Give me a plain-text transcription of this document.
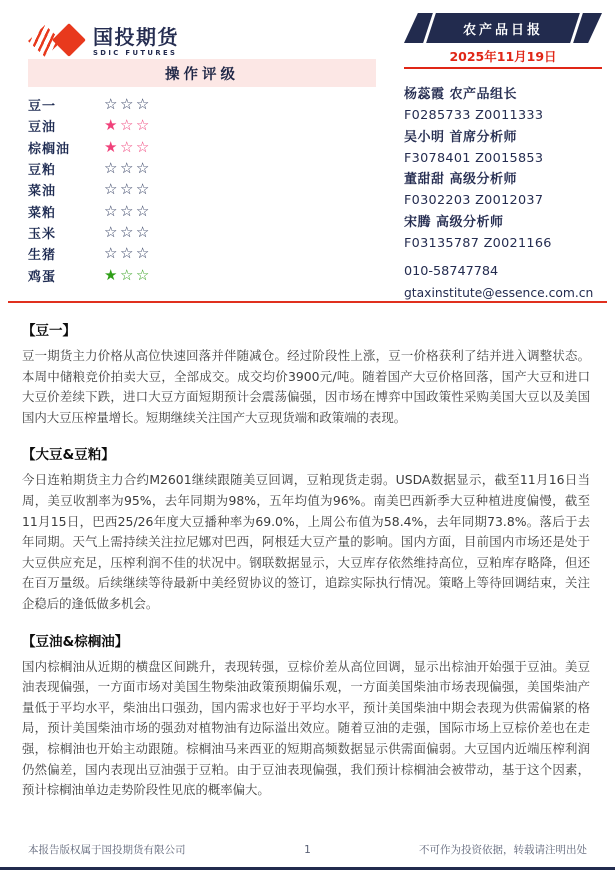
国投期货
SDIC FUTURES
农产品日报
2025年11月19日
操作评级
豆一	☆☆☆
豆油	★☆☆
棕榈油	★☆☆
豆粕	☆☆☆
菜油	☆☆☆
菜粕	☆☆☆
玉米	☆☆☆
生猪	☆☆☆
鸡蛋	★☆☆
杨蕊霞 农产品组长
F0285733 Z0011333
吴小明 首席分析师
F3078401 Z0015853
董甜甜 高级分析师
F0302203 Z0012037
宋腾 高级分析师
F03135787 Z0021166
010-58747784
gtaxinstitute@essence.com.cn
【豆一】
豆一期货主力价格从高位快速回落并伴随减仓。经过阶段性上涨，豆一价格获利了结并进入调整状态。本周中储粮竞价拍卖大豆，全部成交。成交均价3900元/吨。随着国产大豆价格回落，国产大豆和进口大豆价差续下跌，进口大豆方面短期预计会震荡偏强，因市场在博弈中国政策性采购美国大豆以及美国国内大豆压榨量增长。短期继续关注国产大豆现货端和政策端的表现。
【大豆&豆粕】
今日连粕期货主力合约M2601继续跟随美豆回调，豆粕现货走弱。USDA数据显示，截至11月16日当周，美豆收割率为95%，去年同期为98%，五年均值为96%。南美巴西新季大豆种植进度偏慢，截至11月15日，巴西25/26年度大豆播种率为69.0%，上周公布值为58.4%，去年同期73.8%。落后于去年同期。天气上需持续关注拉尼娜对巴西，阿根廷大豆产量的影响。国内方面，目前国内市场还是处于大豆供应充足，压榨利润不佳的状况中。钢联数据显示，大豆库存依然维持高位，豆粕库存略降，但还在百万量级。后续继续等待最新中美经贸协议的签订，追踪实际执行情况。策略上等待回调结束，关注企稳后的逢低做多机会。
【豆油&棕榈油】
国内棕榈油从近期的横盘区间跳升，表现转强，豆棕价差从高位回调，显示出棕油开始强于豆油。美豆油表现偏强，一方面市场对美国生物柴油政策预期偏乐观，一方面美国柴油市场表现偏强，美国柴油产量低于平均水平，柴油出口强劲，国内需求也好于平均水平，预计美国柴油中期会表现为供需偏紧的格局，预计美国柴油市场的强劲对植物油有边际溢出效应。随着豆油的走强，国际市场上豆棕价差也在走强，棕榈油也开始主动跟随。棕榈油马来西亚的短期高频数据显示供需面偏弱。大豆国内近端压榨利润仍然偏差，国内表现出豆油强于豆粕。由于豆油表现偏强，我们预计棕榈油会被带动，基于这个因素，预计棕榈油单边走势阶段性见底的概率偏大。
本报告版权属于国投期货有限公司	1	不可作为投资依据，转载请注明出处
